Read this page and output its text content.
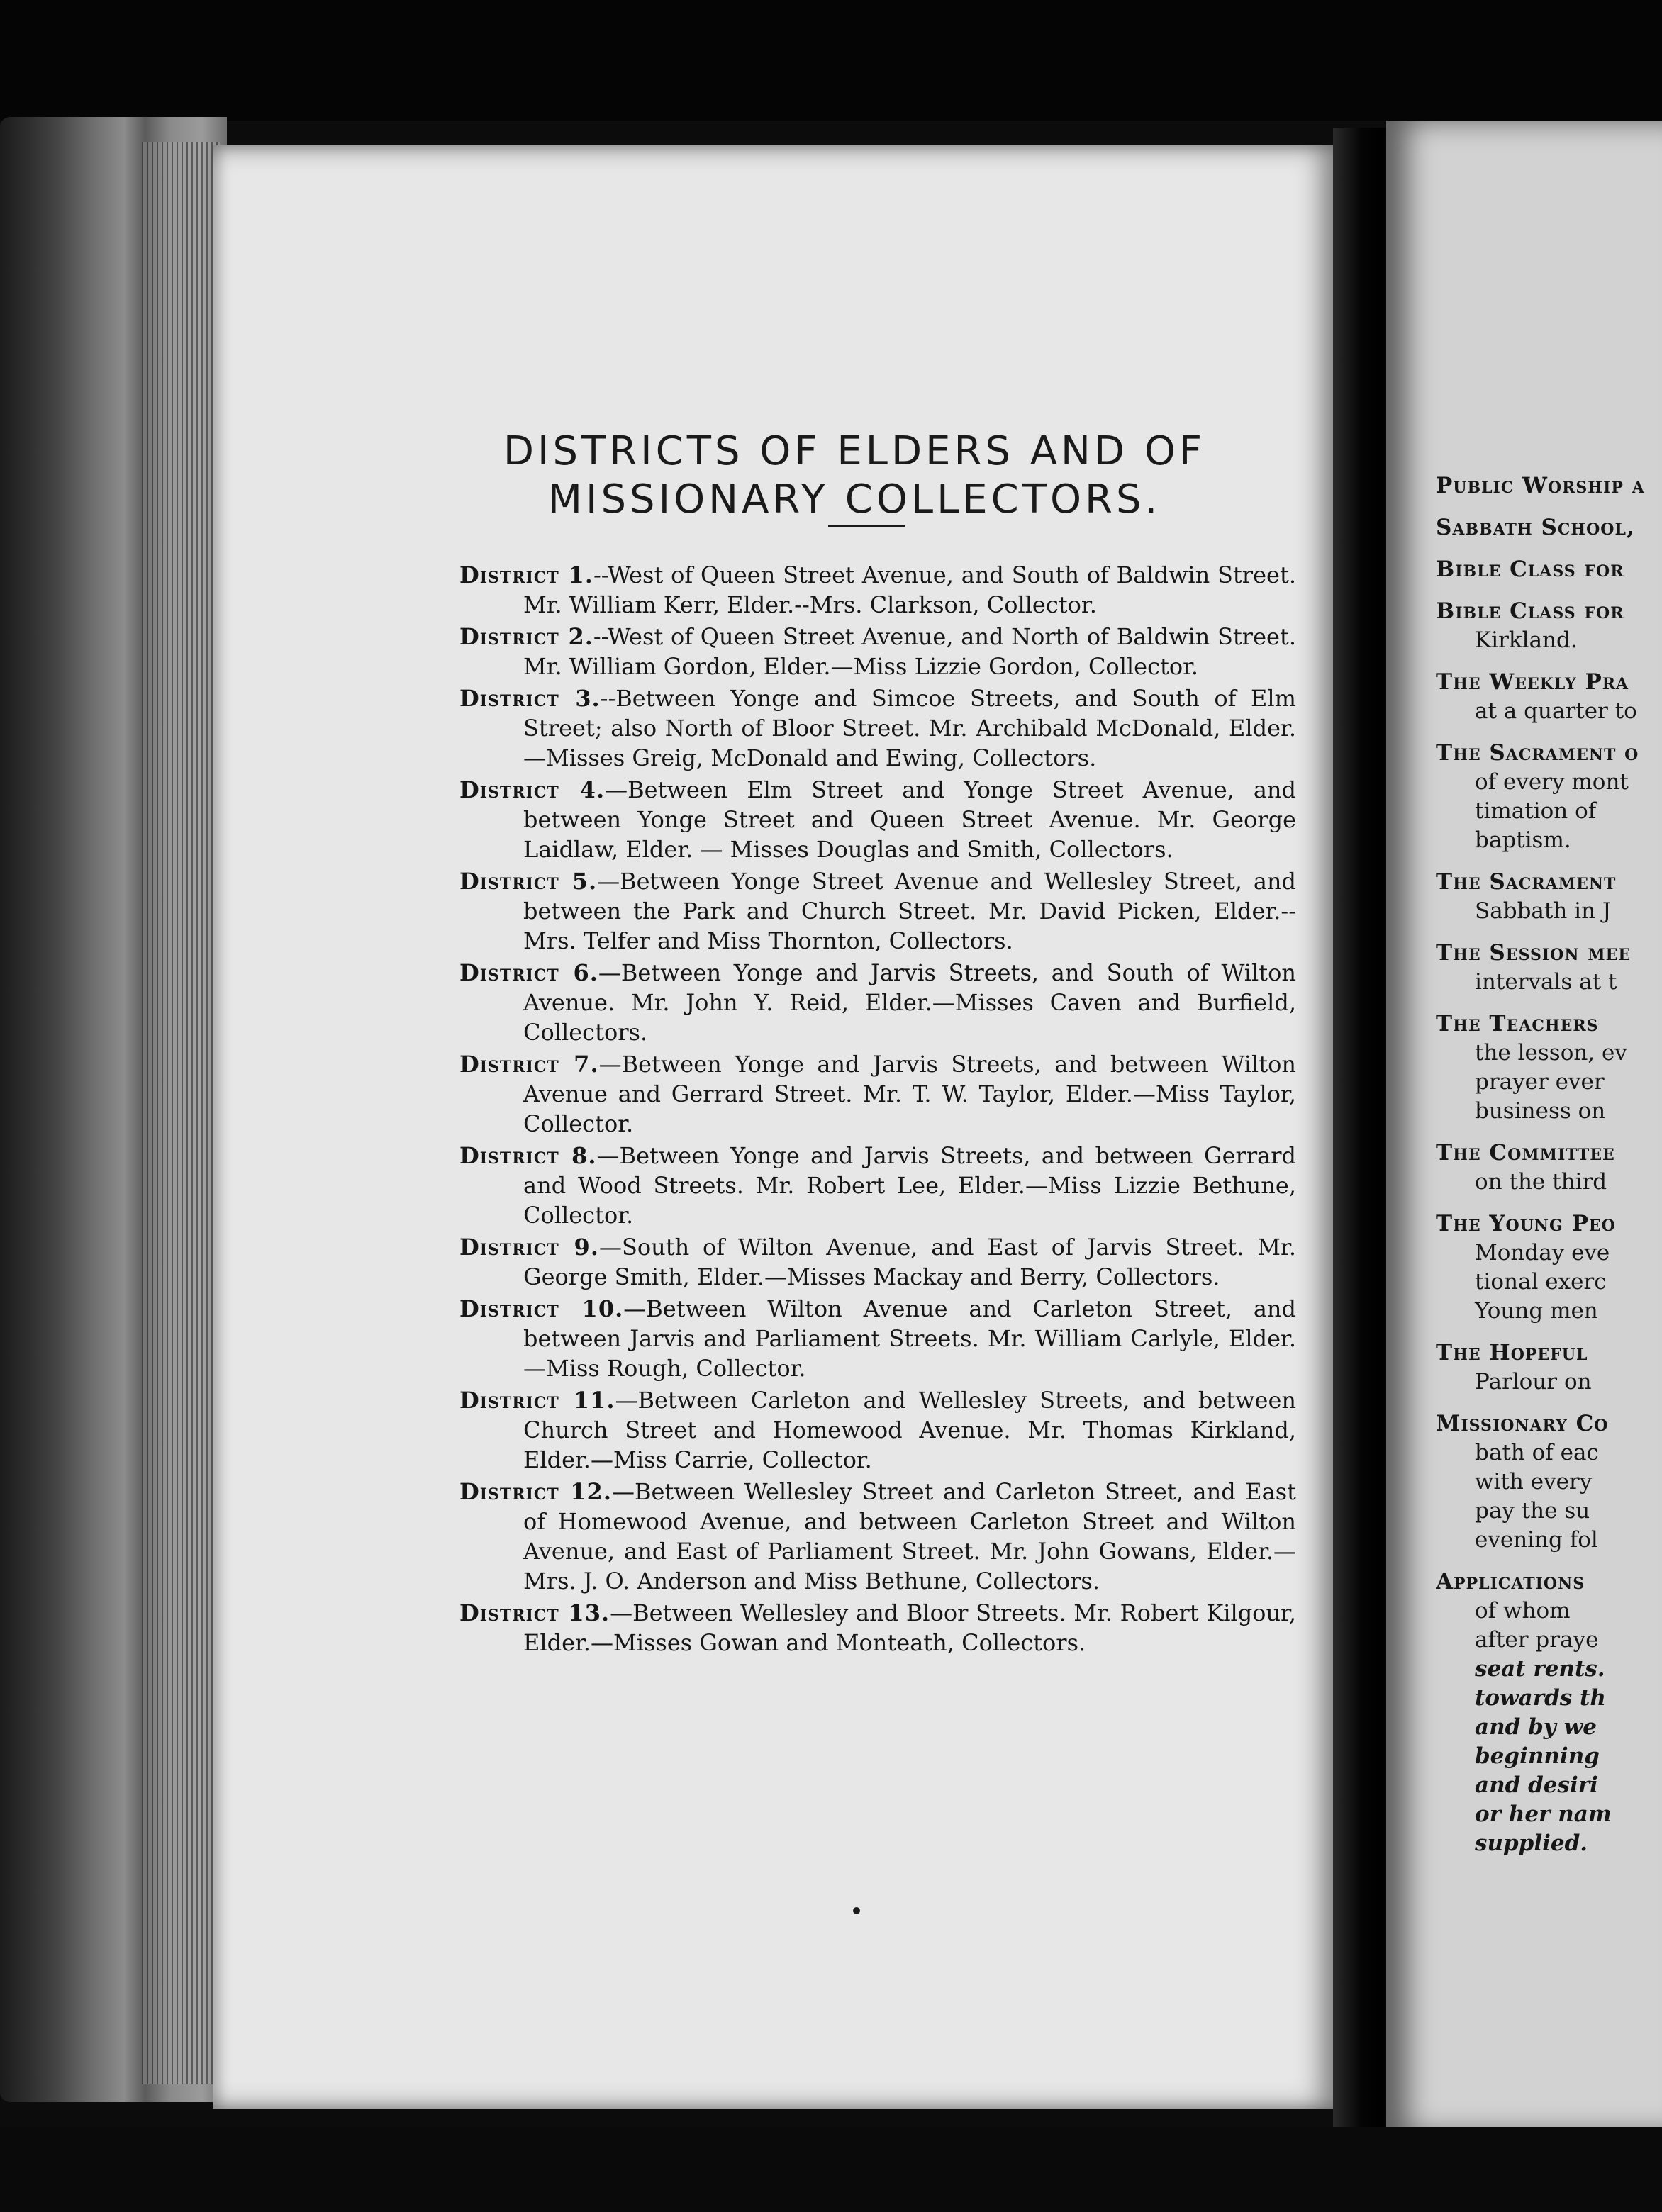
DISTRICTS OF ELDERS AND OF
MISSIONARY COLLECTORS.

District 1.--West of Queen Street Avenue, and South of Baldwin Street. Mr. William Kerr, Elder.--Mrs. Clarkson, Collector.

District 2.--West of Queen Street Avenue, and North of Baldwin Street. Mr. William Gordon, Elder.—Miss Lizzie Gordon, Collector.

District 3.--Between Yonge and Simcoe Streets, and South of Elm Street; also North of Bloor Street. Mr. Archibald McDonald, Elder.—Misses Greig, McDonald and Ewing, Collectors.

District 4.—Between Elm Street and Yonge Street Avenue, and between Yonge Street and Queen Street Avenue. Mr. George Laidlaw, Elder. — Misses Douglas and Smith, Collectors.

District 5.—Between Yonge Street Avenue and Wellesley Street, and between the Park and Church Street. Mr. David Picken, Elder.--Mrs. Telfer and Miss Thornton, Collectors.

District 6.—Between Yonge and Jarvis Streets, and South of Wilton Avenue. Mr. John Y. Reid, Elder.—Misses Caven and Burfield, Collectors.

District 7.—Between Yonge and Jarvis Streets, and between Wilton Avenue and Gerrard Street. Mr. T. W. Taylor, Elder.—Miss Taylor, Collector.

District 8.—Between Yonge and Jarvis Streets, and between Gerrard and Wood Streets. Mr. Robert Lee, Elder.—Miss Lizzie Bethune, Collector.

District 9.—South of Wilton Avenue, and East of Jarvis Street. Mr. George Smith, Elder.—Misses Mackay and Berry, Collectors.

District 10.—Between Wilton Avenue and Carleton Street, and between Jarvis and Parliament Streets. Mr. William Carlyle, Elder.—Miss Rough, Collector.

District 11.—Between Carleton and Wellesley Streets, and between Church Street and Homewood Avenue. Mr. Thomas Kirkland, Elder.—Miss Carrie, Collector.

District 12.—Between Wellesley Street and Carleton Street, and East of Homewood Avenue, and between Carleton Street and Wilton Avenue, and East of Parliament Street. Mr. John Gowans, Elder.—Mrs. J. O. Anderson and Miss Bethune, Collectors.

District 13.—Between Wellesley and Bloor Streets. Mr. Robert Kilgour, Elder.—Misses Gowan and Monteath, Collectors.

Public Worship a
Sabbath School,
Bible Class for
Bible Class for
Kirkland.
The Weekly Pra
at a quarter to
The Sacrament o
of every mont
timation of
baptism.
The Sacrament
Sabbath in J
The Session mee
intervals at t
The Teachers
the lesson, ev
prayer ever
business on
The Committee
on the third
The Young Peo
Monday eve
tional exerc
Young men
The Hopeful
Parlour on
Missionary Co
bath of eac
with every
pay the su
evening fol
Applications
of whom
after praye
seat rents.
towards th
and by we
beginning
and desiri
or her nam
supplied.
